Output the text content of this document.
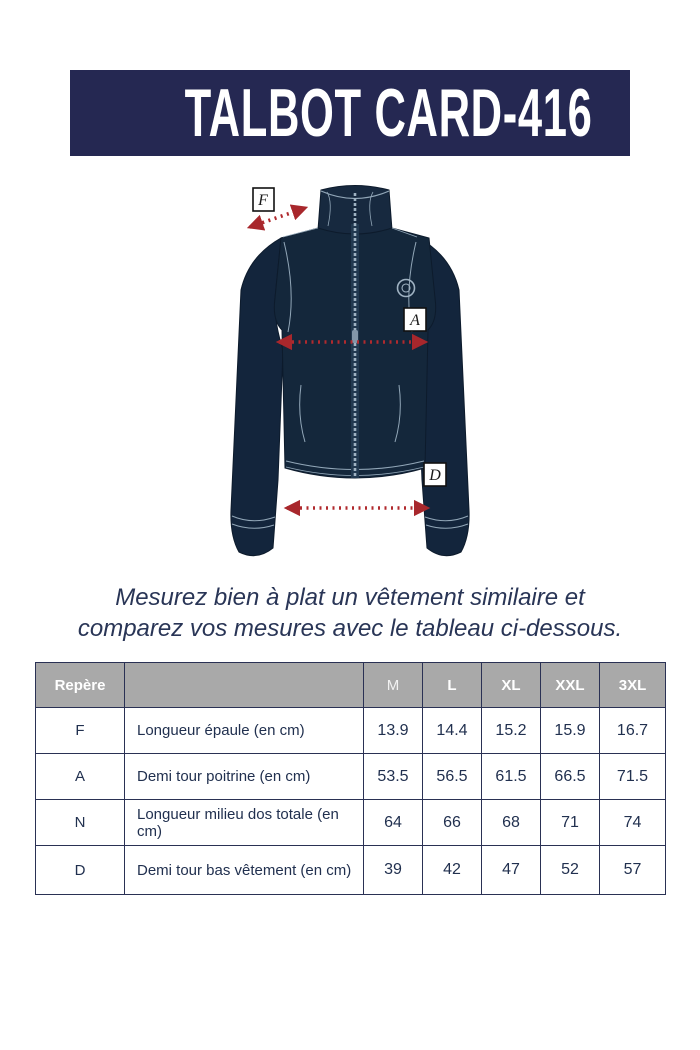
TALBOT CARD-416
F
A
D
Mesurez bien à plat un vêtement similaire et
comparez vos mesures avec le tableau ci-dessous.
Repère		M	L	XL	XXL	3XL
F	Longueur épaule (en cm)	13.9	14.4	15.2	15.9	16.7
A	Demi tour poitrine (en cm)	53.5	56.5	61.5	66.5	71.5
N	Longueur milieu dos totale (en cm)	64	66	68	71	74
D	Demi tour bas vêtement (en cm)	39	42	47	52	57
